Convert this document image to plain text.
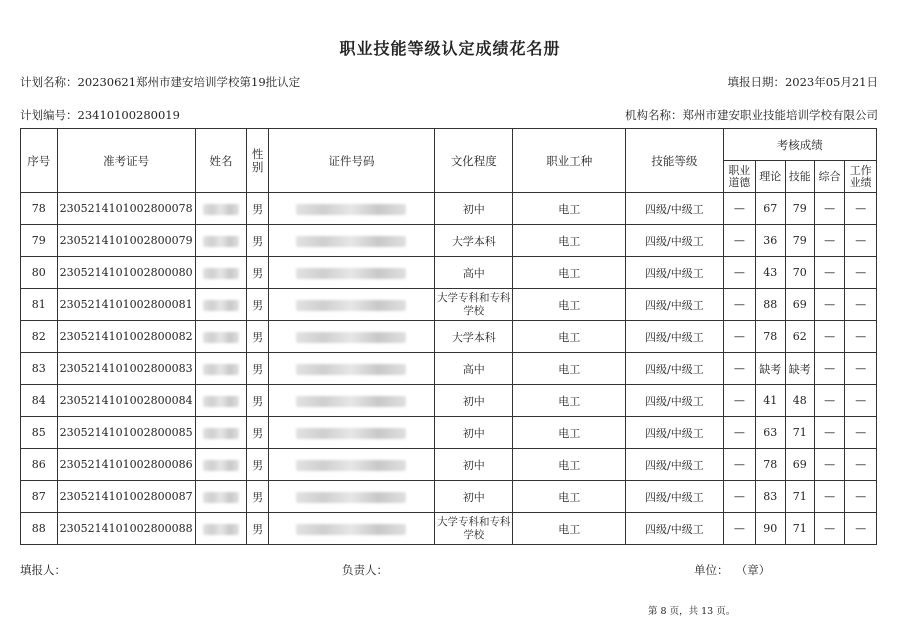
职业技能等级认定成绩花名册
计划名称：20230621郑州市建安培训学校第19批认定	填报日期：2023年05月21日
计划编号：23410100280019	机构名称：郑州市建安职业技能培训学校有限公司
序号	准考证号	姓名	性别	证件号码	文化程度	职业工种	技能等级	考核成绩				
								职业道德	理论	技能	综合	工作业绩
78	230521410100280007​8		男		初中	电工	四级/中级工	—	67	79	—	—
79	2305214101002800079		男		大学本科	电工	四级/中级工	—	36	79	—	—
80	2305214101002800080		男		高中	电工	四级/中级工	—	43	70	—	—
81	2305214101002800081		男		大学专科和专科学校	电工	四级/中级工	—	88	69	—	—
82	2305214101002800082		男		大学本科	电工	四级/中级工	—	78	62	—	—
83	2305214101002800083		男		高中	电工	四级/中级工	—	缺考	缺考	—	—
84	2305214101002800084		男		初中	电工	四级/中级工	—	41	48	—	—
85	2305214101002800085		男		初中	电工	四级/中级工	—	63	71	—	—
86	2305214101002800086		男		初中	电工	四级/中级工	—	78	69	—	—
87	2305214101002800087		男		初中	电工	四级/中级工	—	83	71	—	—
88	2305214101002800088		男		大学专科和专科学校	电工	四级/中级工	—	90	71	—	—
填报人：	负责人：	单位：  （章）
第 8 页，共 13 页。
